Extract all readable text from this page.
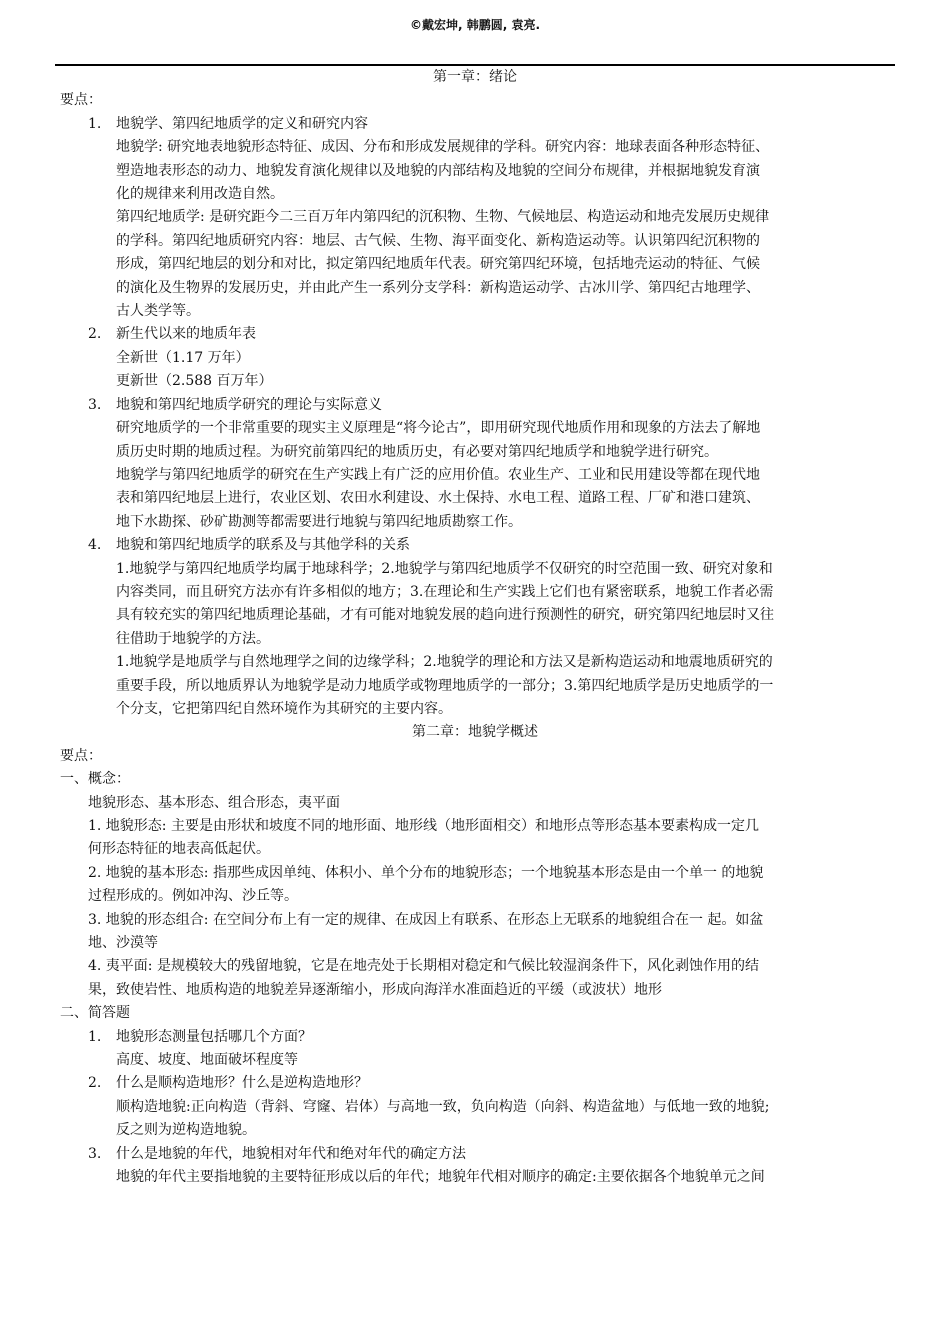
©戴宏坤, 韩鹏圆, 袁亮.

第一章：绪论

要点：

1. 地貌学、第四纪地质学的定义和研究内容

地貌学: 研究地表地貌形态特征、成因、分布和形成发展规律的学科。研究内容：地球表面各种形态特征、

塑造地表形态的动力、地貌发育演化规律以及地貌的内部结构及地貌的空间分布规律，并根据地貌发育演

化的规律来利用改造自然。

第四纪地质学: 是研究距今二三百万年内第四纪的沉积物、生物、气候地层、构造运动和地壳发展历史规律

的学科。第四纪地质研究内容：地层、古气候、生物、海平面变化、新构造运动等。认识第四纪沉积物的

形成，第四纪地层的划分和对比，拟定第四纪地质年代表。研究第四纪环境，包括地壳运动的特征、气候

的演化及生物界的发展历史，并由此产生一系列分支学科：新构造运动学、古冰川学、第四纪古地理学、

古人类学等。

2. 新生代以来的地质年表

全新世（1.17 万年）

更新世（2.588 百万年）

3. 地貌和第四纪地质学研究的理论与实际意义

研究地质学的一个非常重要的现实主义原理是“将今论古”，即用研究现代地质作用和现象的方法去了解地

质历史时期的地质过程。为研究前第四纪的地质历史，有必要对第四纪地质学和地貌学进行研究。

地貌学与第四纪地质学的研究在生产实践上有广泛的应用价值。农业生产、工业和民用建设等都在现代地

表和第四纪地层上进行，农业区划、农田水利建设、水土保持、水电工程、道路工程、厂矿和港口建筑、

地下水勘探、砂矿勘测等都需要进行地貌与第四纪地质勘察工作。

4. 地貌和第四纪地质学的联系及与其他学科的关系

1.地貌学与第四纪地质学均属于地球科学；2.地貌学与第四纪地质学不仅研究的时空范围一致、研究对象和

内容类同，而且研究方法亦有许多相似的地方；3.在理论和生产实践上它们也有紧密联系，地貌工作者必需

具有较充实的第四纪地质理论基础，才有可能对地貌发展的趋向进行预测性的研究，研究第四纪地层时又往

往借助于地貌学的方法。

1.地貌学是地质学与自然地理学之间的边缘学科；2.地貌学的理论和方法又是新构造运动和地震地质研究的

重要手段，所以地质界认为地貌学是动力地质学或物理地质学的一部分；3.第四纪地质学是历史地质学的一

个分支，它把第四纪自然环境作为其研究的主要内容。

第二章：地貌学概述

要点：

一、概念：

地貌形态、基本形态、组合形态，夷平面

1. 地貌形态: 主要是由形状和坡度不同的地形面、地形线（地形面相交）和地形点等形态基本要素构成一定几

何形态特征的地表高低起伏。

2. 地貌的基本形态: 指那些成因单纯、体积小、单个分布的地貌形态；一个地貌基本形态是由一个单一 的地貌

过程形成的。例如冲沟、沙丘等。

3. 地貌的形态组合: 在空间分布上有一定的规律、在成因上有联系、在形态上无联系的地貌组合在一 起。如盆

地、沙漠等

4. 夷平面: 是规模较大的残留地貌，它是在地壳处于长期相对稳定和气候比较湿润条件下，风化剥蚀作用的结

果，致使岩性、地质构造的地貌差异逐渐缩小，形成向海洋水准面趋近的平缓（或波状）地形

二、简答题

1. 地貌形态测量包括哪几个方面？

高度、坡度、地面破坏程度等

2. 什么是顺构造地形？什么是逆构造地形？

顺构造地貌:正向构造（背斜、穹窿、岩体）与高地一致，负向构造（向斜、构造盆地）与低地一致的地貌;

反之则为逆构造地貌。

3. 什么是地貌的年代，地貌相对年代和绝对年代的确定方法

地貌的年代主要指地貌的主要特征形成以后的年代；地貌年代相对顺序的确定:主要依据各个地貌单元之间
